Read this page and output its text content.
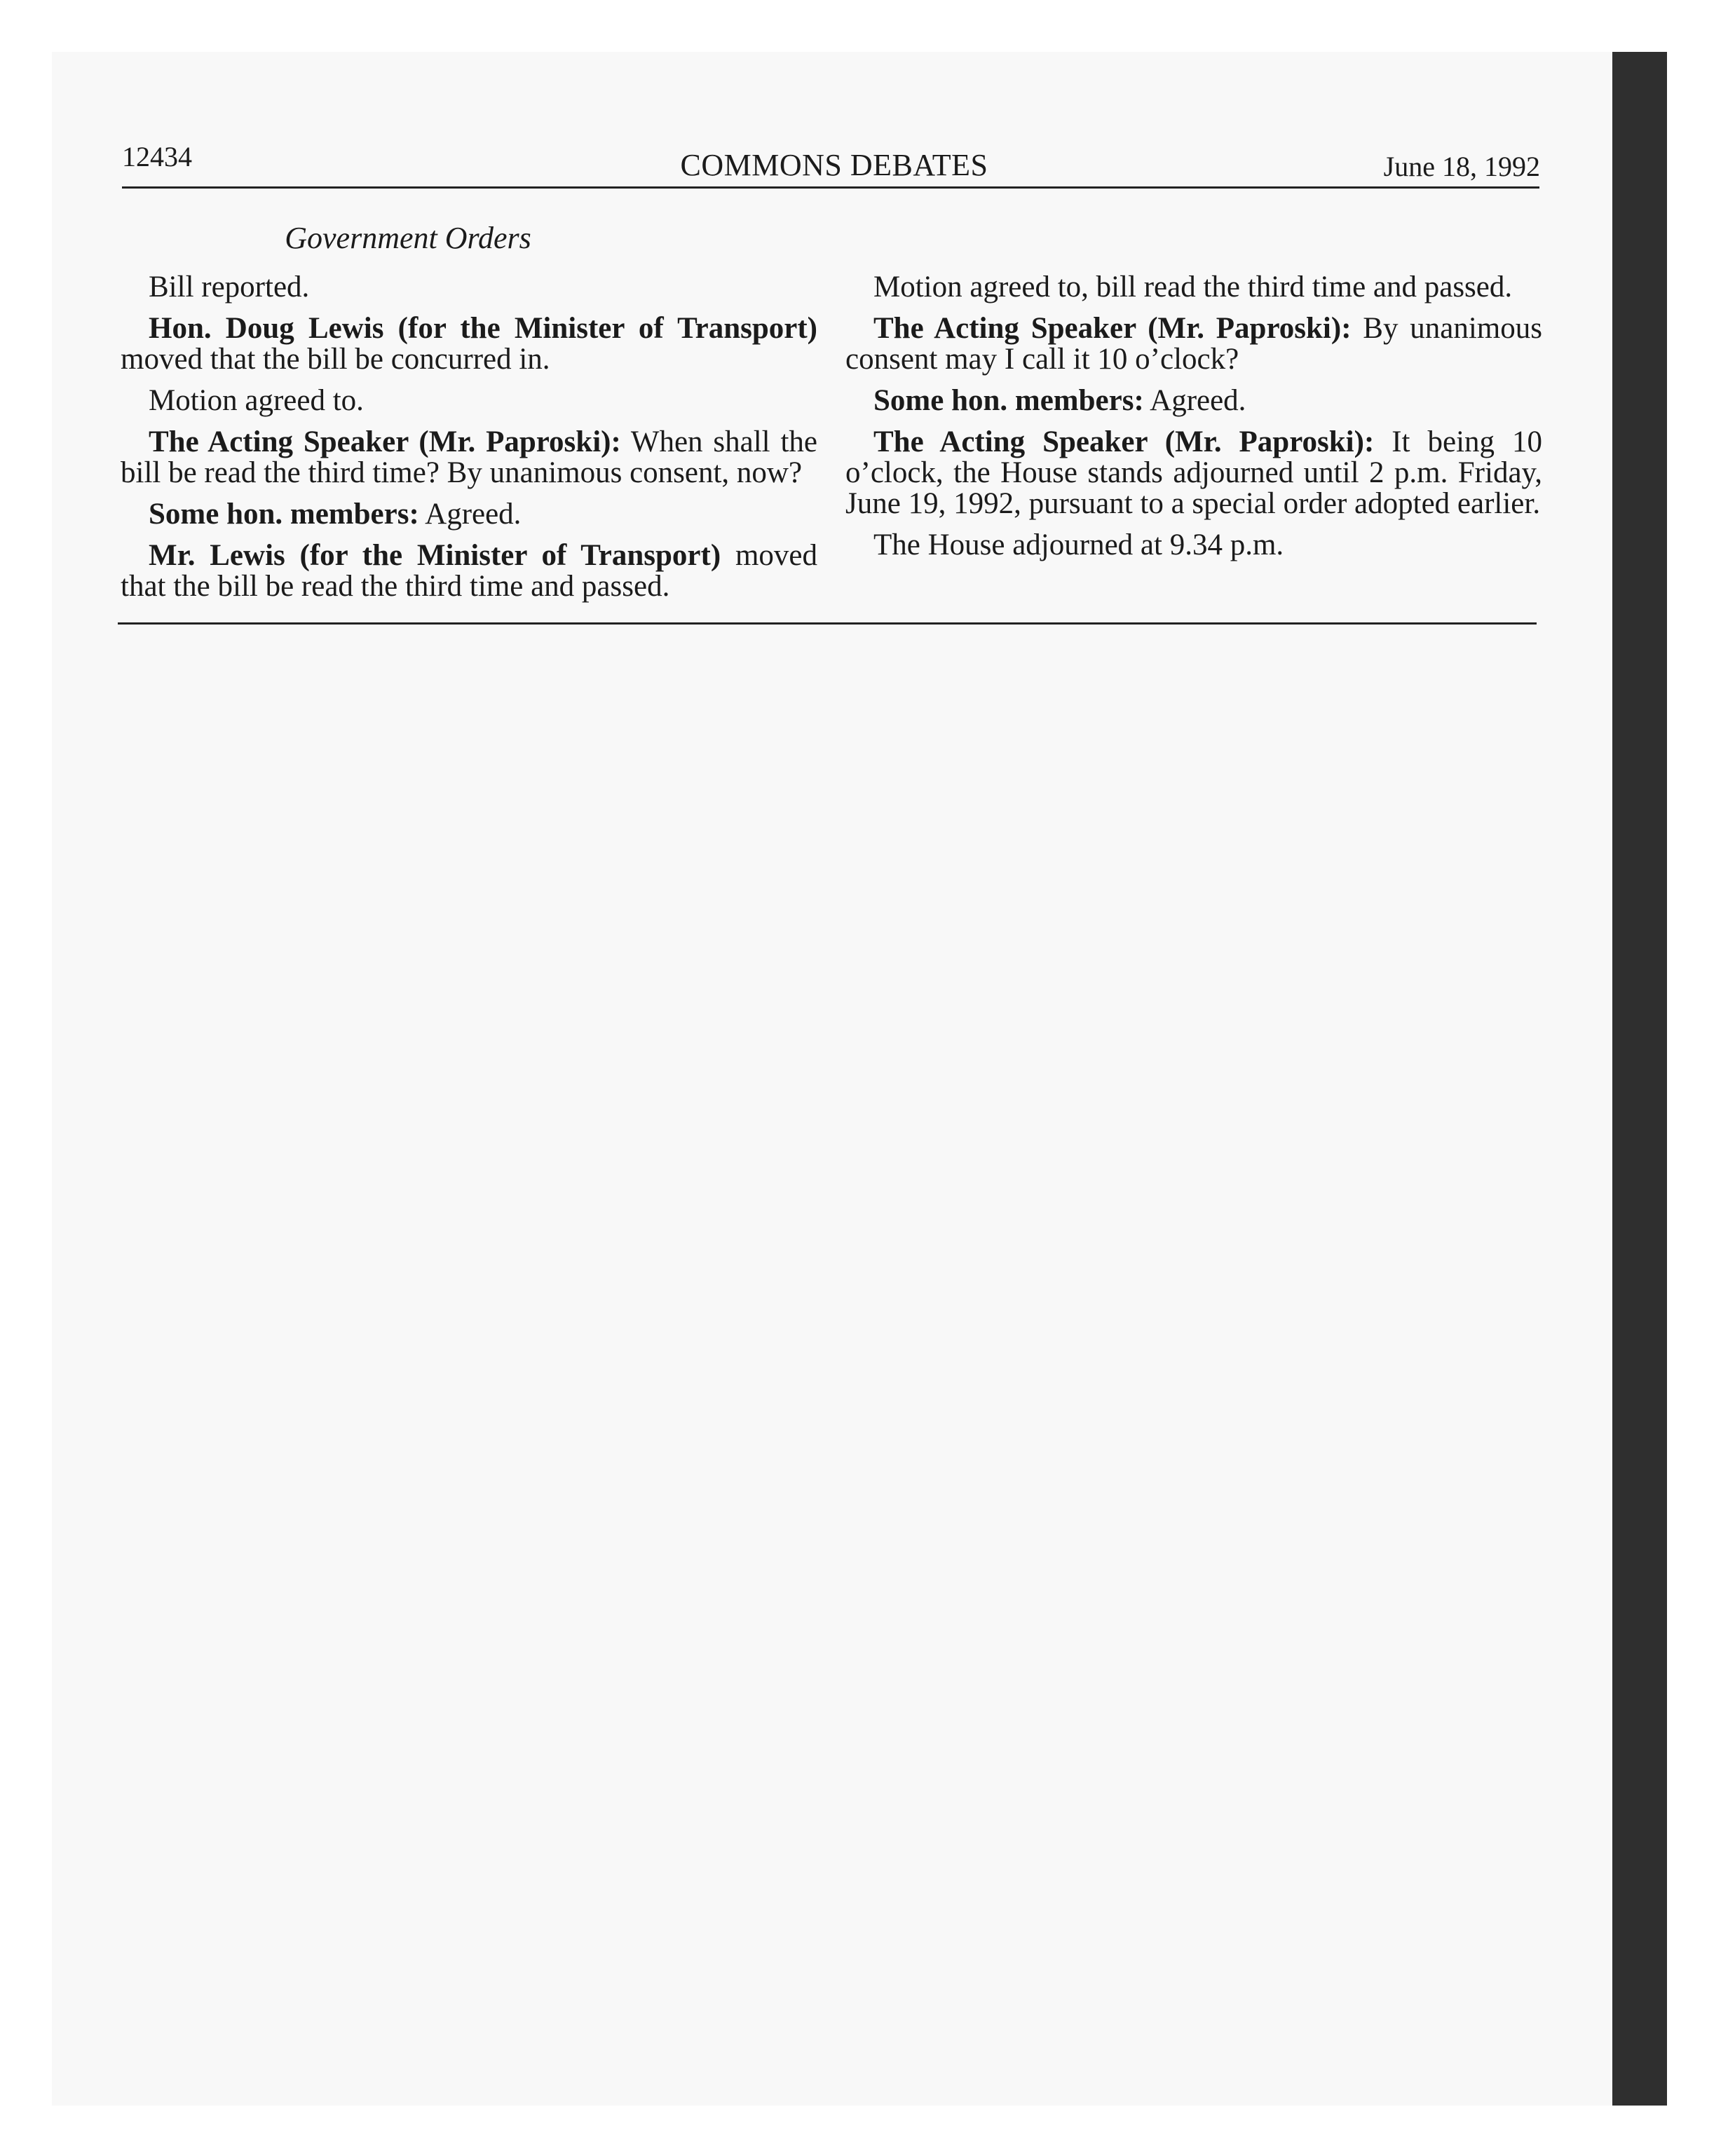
12434	COMMONS DEBATES	June 18, 1992
Government Orders

Bill reported.

Hon. Doug Lewis (for the Minister of Transport) moved that the bill be concurred in.

Motion agreed to.

The Acting Speaker (Mr. Paproski): When shall the bill be read the third time? By unanimous consent, now?

Some hon. members: Agreed.

Mr. Lewis (for the Minister of Transport) moved that the bill be read the third time and passed.

Motion agreed to, bill read the third time and passed.

The Acting Speaker (Mr. Paproski): By unanimous consent may I call it 10 o’clock?

Some hon. members: Agreed.

The Acting Speaker (Mr. Paproski): It being 10 o’clock, the House stands adjourned until 2 p.m. Friday, June 19, 1992, pursuant to a special order adopted earlier.

The House adjourned at 9.34 p.m.
